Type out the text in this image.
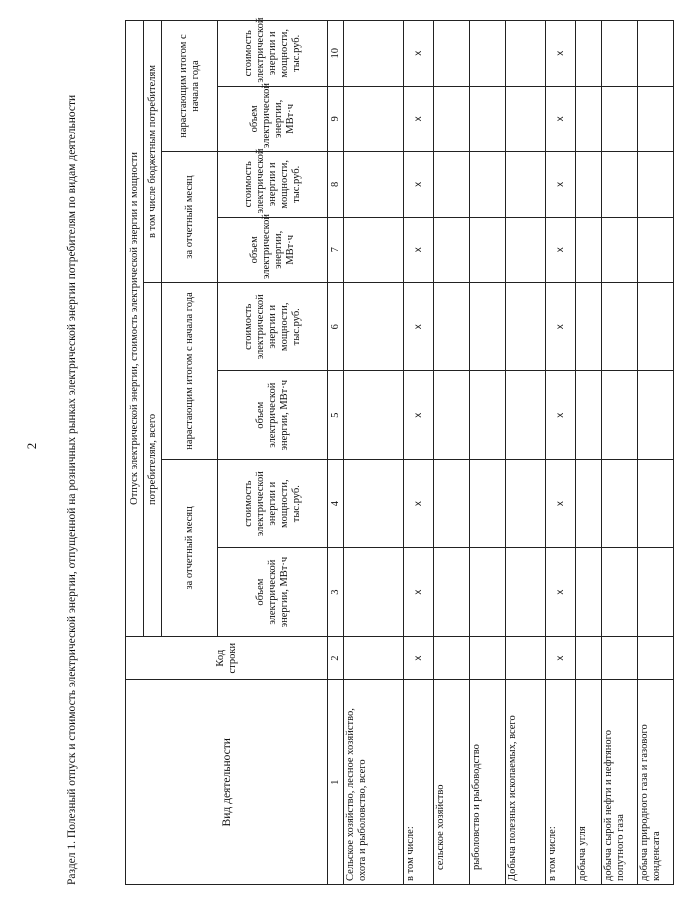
2 Раздел 1. Полезный отпуск и стоимость электрической энергии, отпущенной на розничных рынках электрической энергии потребителям по видам деятельности	Вид деятельности	Код строки	Отпуск электрической энергии, стоимость электрической энергии и мощности							
		потребителям, всего				в том числе бюджетным потребителям			
		за отчетный месяц		нарастающим итогом с начала года		за отчетный месяц		нарастающим итогом с начала года	
		объем электрической энергии, МВт·ч	стоимость электрической энергии и мощности, тыс.руб.	объем электрической энергии, МВт·ч	стоимость электрической энергии и мощности, тыс.руб.	объем электрической энергии, МВт·ч	стоимость электрической энергии и мощности, тыс.руб.	объем электрической энергии, МВт·ч	стоимость электрической энергии и мощности, тыс.руб.
1	2	3	4	5	6	7	8	9	10
Сельское хозяйство, лесное хозяйство, охота и рыболовство, всего									
в том числе:	x	x	x	x	x	x	x	x	x
сельское хозяйство									
рыболовство и рыбоводство									
Добыча полезных ископаемых, всего									
в том числе:	x	x	x	x	x	x	x	x	x
добыча угля									
добыча сырой нефти и нефтяного попутного газа									
добыча природного газа и газового конденсата									
